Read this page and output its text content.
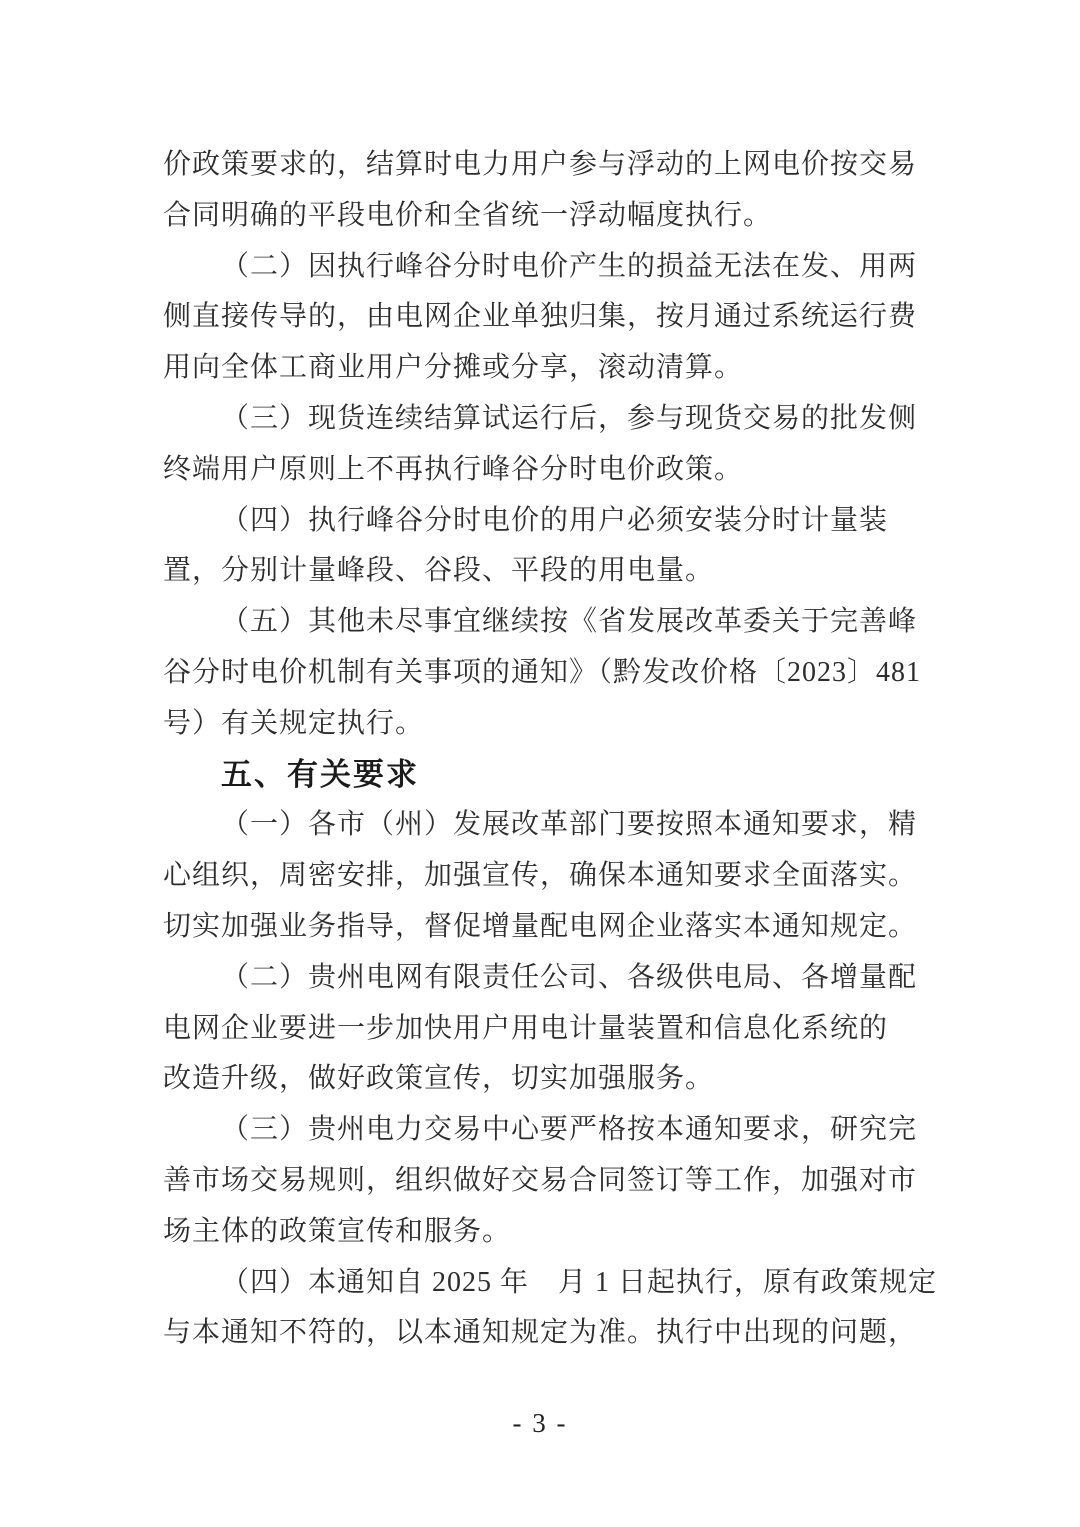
价政策要求的，结算时电力用户参与浮动的上网电价按交易
合同明确的平段电价和全省统一浮动幅度执行。
（二）因执行峰谷分时电价产生的损益无法在发、用两
侧直接传导的，由电网企业单独归集，按月通过系统运行费
用向全体工商业用户分摊或分享，滚动清算。
（三）现货连续结算试运行后，参与现货交易的批发侧
终端用户原则上不再执行峰谷分时电价政策。
（四）执行峰谷分时电价的用户必须安装分时计量装
置，分别计量峰段、谷段、平段的用电量。
（五）其他未尽事宜继续按《省发展改革委关于完善峰
谷分时电价机制有关事项的通知》（黔发改价格〔2023〕481
号）有关规定执行。
五、有关要求
（一）各市（州）发展改革部门要按照本通知要求，精
心组织，周密安排，加强宣传，确保本通知要求全面落实。
切实加强业务指导，督促增量配电网企业落实本通知规定。
（二）贵州电网有限责任公司、各级供电局、各增量配
电网企业要进一步加快用户用电计量装置和信息化系统的
改造升级，做好政策宣传，切实加强服务。
（三）贵州电力交易中心要严格按本通知要求，研究完
善市场交易规则，组织做好交易合同签订等工作，加强对市
场主体的政策宣传和服务。
（四）本通知自 2025 年　月 1 日起执行，原有政策规定
与本通知不符的，以本通知规定为准。执行中出现的问题，
- 3 -
